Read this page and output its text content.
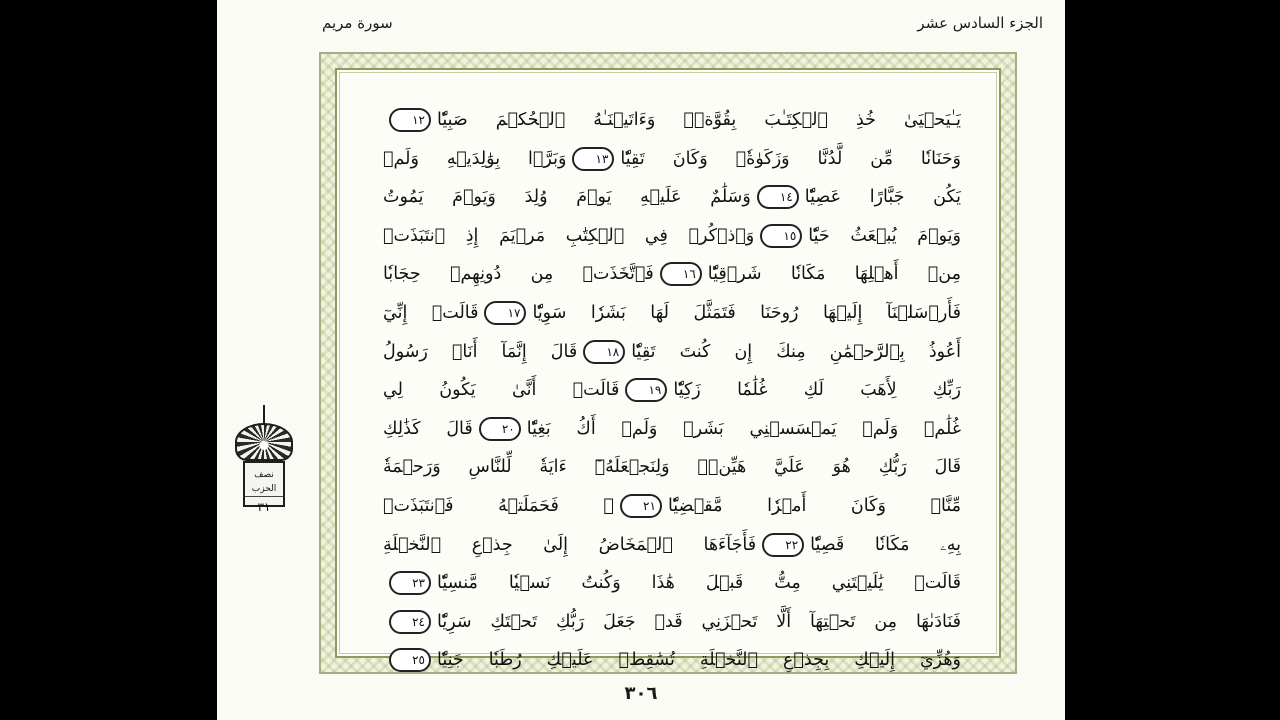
الجزء السادس عشر
سورة مريم
يَـٰيَحۡيَىٰ خُذِ ٱلۡكِتَـٰبَ بِقُوَّةٖۖ وَءَاتَيۡنَـٰهُ ٱلۡحُكۡمَ صَبِيّٗا١٢
وَحَنَانٗا مِّن لَّدُنَّا وَزَكَوٰةٗۖ وَكَانَ تَقِيّٗا١٣وَبَرَّۢا بِوَٰلِدَيۡهِ وَلَمۡ
يَكُن جَبَّارًا عَصِيّٗا١٤وَسَلَٰمٌ عَلَيۡهِ يَوۡمَ وُلِدَ وَيَوۡمَ يَمُوتُ
وَيَوۡمَ يُبۡعَثُ حَيّٗا١٥وَٱذۡكُرۡ فِي ٱلۡكِتَٰبِ مَرۡيَمَ إِذِ ٱنتَبَذَتۡ
مِنۡ أَهۡلِهَا مَكَانٗا شَرۡقِيّٗا١٦فَٱتَّخَذَتۡ مِن دُونِهِمۡ حِجَابٗا
فَأَرۡسَلۡنَآ إِلَيۡهَا رُوحَنَا فَتَمَثَّلَ لَهَا بَشَرٗا سَوِيّٗا١٧قَالَتۡ إِنِّيٓ
أَعُوذُ بِٱلرَّحۡمَٰنِ مِنكَ إِن كُنتَ تَقِيّٗا١٨قَالَ إِنَّمَآ أَنَا۠ رَسُولُ
رَبِّكِ لِأَهَبَ لَكِ غُلَٰمٗا زَكِيّٗا١٩قَالَتۡ أَنَّىٰ يَكُونُ لِي
غُلَٰمٞ وَلَمۡ يَمۡسَسۡنِي بَشَرٞ وَلَمۡ أَكُ بَغِيّٗا٢٠قَالَ كَذَٰلِكِ
قَالَ رَبُّكِ هُوَ عَلَيَّ هَيِّنٞۖ وَلِنَجۡعَلَهُۥٓ ءَايَةٗ لِّلنَّاسِ وَرَحۡمَةٗ
مِّنَّاۚ وَكَانَ أَمۡرٗا مَّقۡضِيّٗا٢١۞ فَحَمَلَتۡهُ فَٱنتَبَذَتۡ
بِهِۦ مَكَانٗا قَصِيّٗا٢٢فَأَجَآءَهَا ٱلۡمَخَاضُ إِلَىٰ جِذۡعِ ٱلنَّخۡلَةِ
قَالَتۡ يَٰلَيۡتَنِي مِتُّ قَبۡلَ هَٰذَا وَكُنتُ نَسۡيٗا مَّنسِيّٗا٢٣
فَنَادَىٰهَا مِن تَحۡتِهَآ أَلَّا تَحۡزَنِي قَدۡ جَعَلَ رَبُّكِ تَحۡتَكِ سَرِيّٗا٢٤
وَهُزِّيٓ إِلَيۡكِ بِجِذۡعِ ٱلنَّخۡلَةِ تُسَٰقِطۡ عَلَيۡكِ رُطَبٗا جَنِيّٗا٢٥
نصف الحزب
٣١
٣٠٦
